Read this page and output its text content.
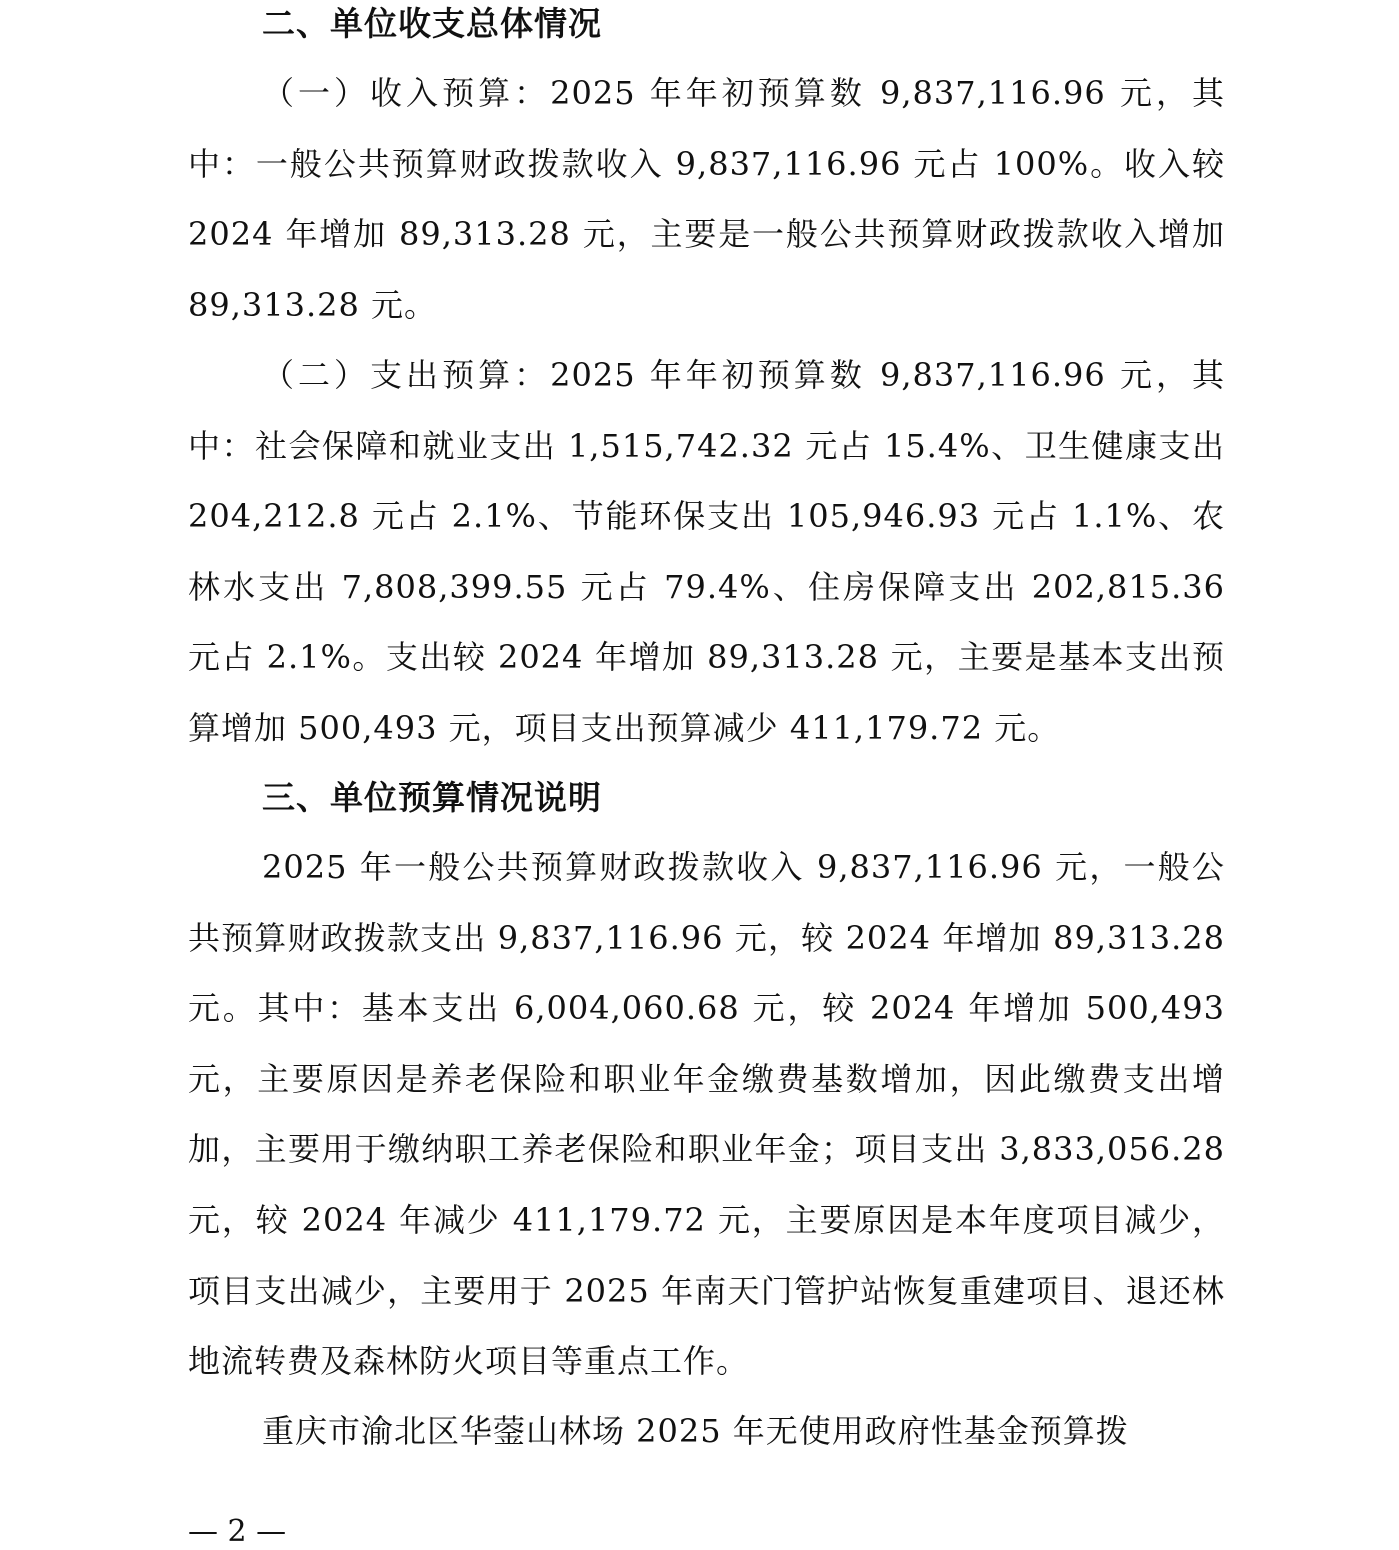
二、单位收支总体情况

（一）收入预算：2025 年年初预算数 9,837,116.96 元，其中：一般公共预算财政拨款收入 9,837,116.96 元占 100%。收入较 2024 年增加 89,313.28 元，主要是一般公共预算财政拨款收入增加 89,313.28 元。

（二）支出预算：2025 年年初预算数 9,837,116.96 元，其中：社会保障和就业支出 1,515,742.32 元占 15.4%、卫生健康支出 204,212.8 元占 2.1%、节能环保支出 105,946.93 元占 1.1%、农林水支出 7,808,399.55 元占 79.4%、住房保障支出 202,815.36 元占 2.1%。支出较 2024 年增加 89,313.28 元，主要是基本支出预算增加 500,493 元，项目支出预算减少 411,179.72 元。

三、单位预算情况说明

2025 年一般公共预算财政拨款收入 9,837,116.96 元，一般公共预算财政拨款支出 9,837,116.96 元，较 2024 年增加 89,313.28 元。其中：基本支出 6,004,060.68 元，较 2024 年增加 500,493 元，主要原因是养老保险和职业年金缴费基数增加，因此缴费支出增加，主要用于缴纳职工养老保险和职业年金；项目支出 3,833,056.28 元，较 2024 年减少 411,179.72 元，主要原因是本年度项目减少，项目支出减少，主要用于 2025 年南天门管护站恢复重建项目、退还林地流转费及森林防火项目等重点工作。

重庆市渝北区华蓥山林场 2025 年无使用政府性基金预算拨

— 2 —
